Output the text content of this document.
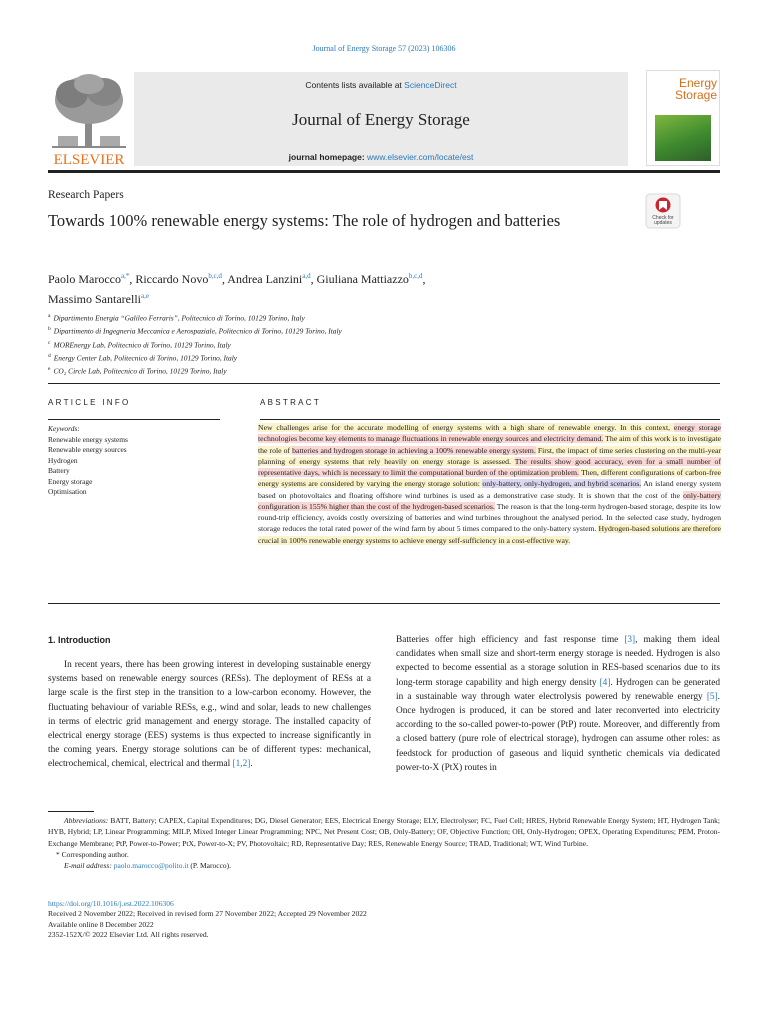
Journal of Energy Storage 57 (2023) 106306
ELSEVIER
Contents lists available at ScienceDirect
Journal of Energy Storage
journal homepage: www.elsevier.com/locate/est
Energy
Storage
Research Papers
Towards 100% renewable energy systems: The role of hydrogen and batteries	Check for
updates
Paolo Marocco$^{a,*}$, Riccardo Novo$^{b,c,d}$, Andrea Lanzini$^{a,d}$, Giuliana Mattiazzo$^{b,c,d}$,
Massimo Santarelli$^{a,e}$
$^a$ Dipartimento Energia “Galileo Ferraris”, Politecnico di Torino, 10129 Torino, Italy
$^b$ Dipartimento di Ingegneria Meccanica e Aerospaziale, Politecnico di Torino, 10129 Torino, Italy
$^c$ MOREnergy Lab, Politecnico di Torino, 10129 Torino, Italy
$^d$ Energy Center Lab, Politecnico di Torino, 10129 Torino, Italy
$^e$ CO₂ Circle Lab, Politecnico di Torino, 10129 Torino, Italy
ARTICLE INFO	ABSTRACT
Keywords:
Renewable energy systems
Renewable energy sources
Hydrogen
Battery
Energy storage
Optimisation
New challenges arise for the accurate modelling of energy systems with a high share of renewable energy. In this context, energy storage technologies become key elements to manage fluctuations in renewable energy sources and electricity demand. The aim of this work is to investigate the role of batteries and hydrogen storage in achieving a 100% renewable energy system. First, the impact of time series clustering on the multi-year planning of energy systems that rely heavily on energy storage is assessed. The results show good accuracy, even for a small number of representative days, which is necessary to limit the computational burden of the optimization problem. Then, different configurations of carbon-free energy systems are considered by varying the energy storage solution: only-battery, only-hydrogen, and hybrid scenarios. An island energy system based on photovoltaics and floating offshore wind turbines is used as a demonstrative case study. It is shown that the cost of the only-battery configuration is 155% higher than the cost of the hydrogen-based scenarios. The reason is that the long-term hydrogen-based storage, despite its low round-trip efficiency, avoids costly oversizing of batteries and wind turbines throughout the analysed period. In the selected case study, hydrogen storage reduces the total rated power of the wind farm by about 5 times compared to the only-battery system. Hydrogen-based solutions are therefore crucial in 100% renewable energy systems to achieve energy self-sufficiency in a cost-effective way.
1. Introduction
In recent years, there has been growing interest in developing sustainable energy systems based on renewable energy sources (RESs). The deployment of RESs at a large scale is the first step in the transition to a low-carbon economy. However, the fluctuating behaviour of variable RESs, e.g., wind and solar, leads to new challenges in terms of electric grid management and energy storage. The installed capacity of electrical energy storage (EES) systems is thus expected to increase significantly in the coming years. Energy storage solutions can be of different types: mechanical, electrochemical, chemical, electrical and thermal [1,2].
Batteries offer high efficiency and fast response time [3], making them ideal candidates when small size and short-term energy storage is needed. Hydrogen is also expected to become essential as a storage solution in RES-based scenarios due to its long-term storage capability and high energy density [4]. Hydrogen can be generated in a sustainable way through water electrolysis powered by renewable energy [5]. Once hydrogen is produced, it can be stored and later reconverted into electricity according to the so-called power-to-power (PtP) route. Moreover, and differently from a closed battery (pure role of electrical storage), hydrogen can assume other roles: as feedstock for production of gaseous and liquid synthetic chemicals via dedicated power-to-X (PtX) routes in
Abbreviations: BATT, Battery; CAPEX, Capital Expenditures; DG, Diesel Generator; EES, Electrical Energy Storage; ELY, Electrolyser; FC, Fuel Cell; HRES, Hybrid Renewable Energy System; HT, Hydrogen Tank; HYB, Hybrid; LP, Linear Programming; MILP, Mixed Integer Linear Programming; NPC, Net Present Cost; OB, Only-Battery; OF, Objective Function; OH, Only-Hydrogen; OPEX, Operating Expenditures; PEM, Proton-Exchange Membrane; PtP, Power-to-Power; PtX, Power-to-X; PV, Photovoltaic; RD, Representative Day; RES, Renewable Energy Source; TRAD, Traditional; WT, Wind Turbine.
* Corresponding author.
E-mail address: paolo.marocco@polito.it (P. Marocco).
https://doi.org/10.1016/j.est.2022.106306
Received 2 November 2022; Received in revised form 27 November 2022; Accepted 29 November 2022
Available online 8 December 2022
2352-152X/© 2022 Elsevier Ltd. All rights reserved.
